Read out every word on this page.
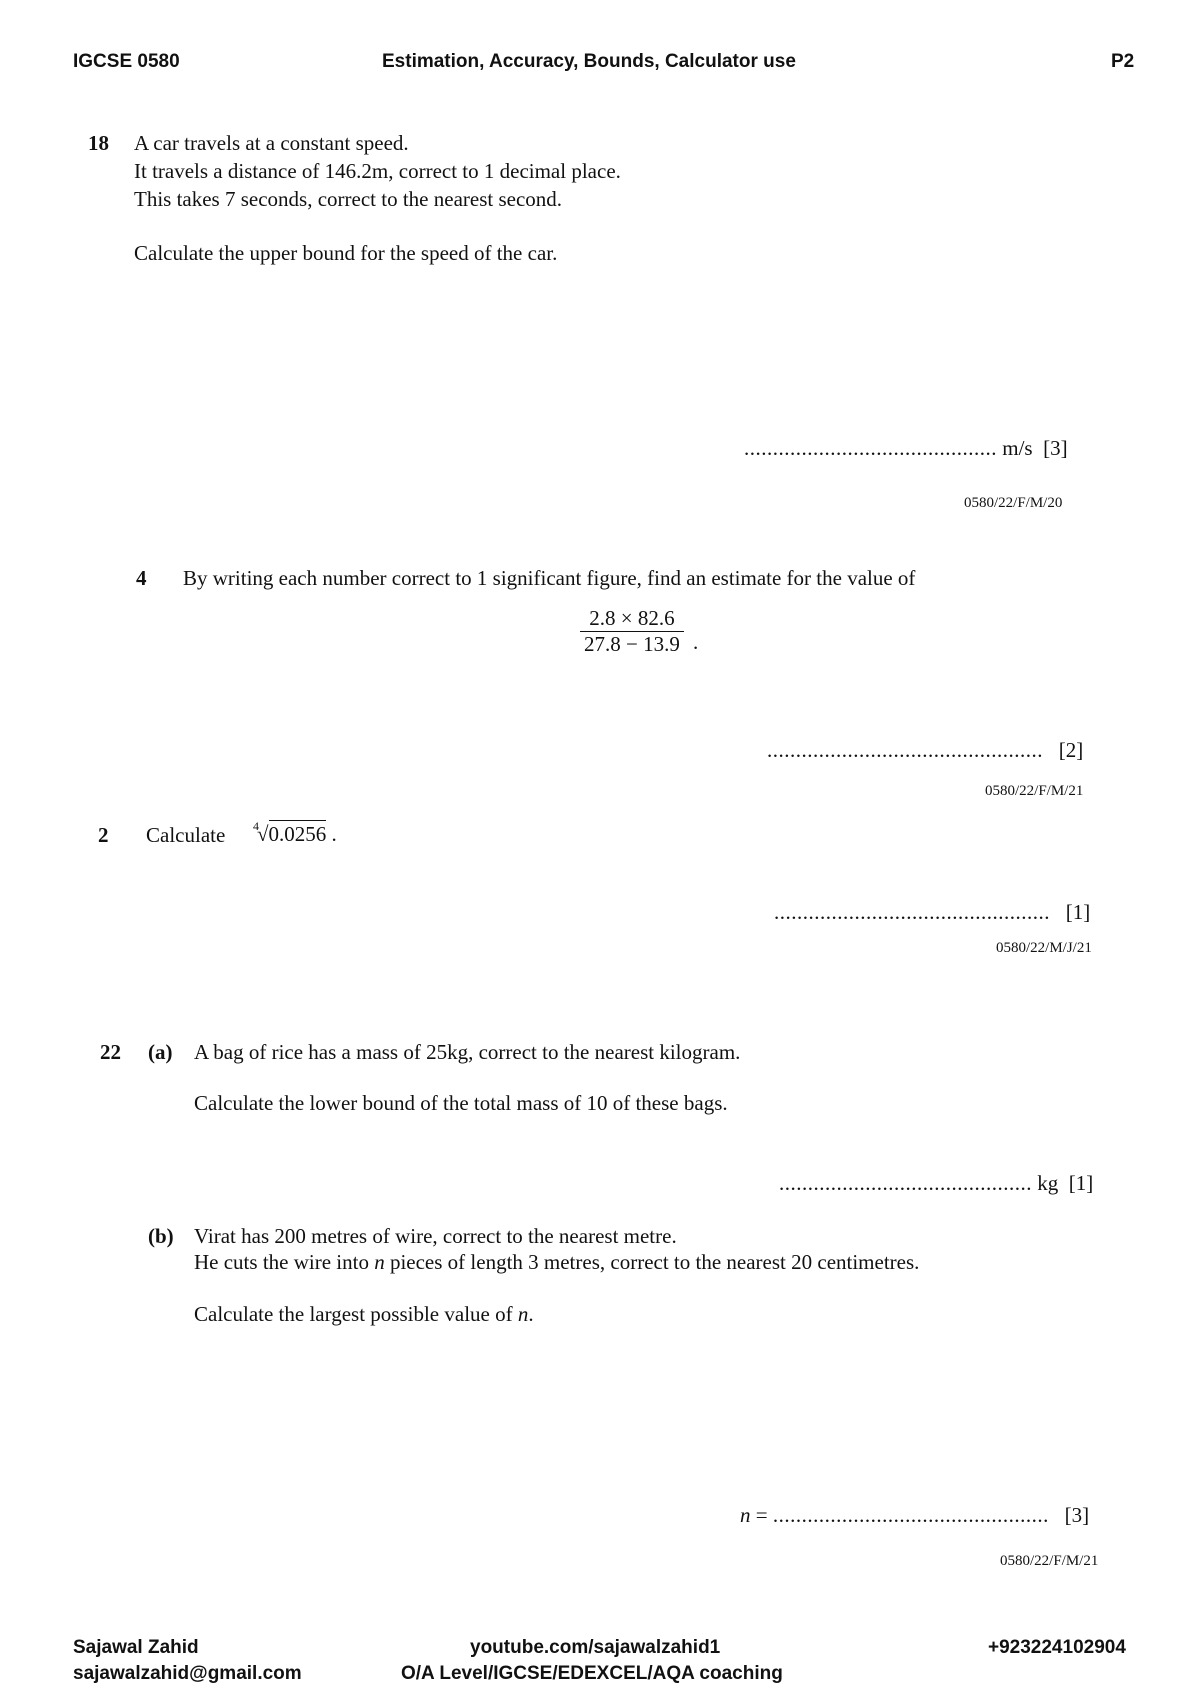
IGCSE 0580	Estimation, Accuracy, Bounds, Calculator use	P2
18 A car travels at a constant speed.
It travels a distance of 146.2m, correct to 1 decimal place.
This takes 7 seconds, correct to the nearest second.
Calculate the upper bound for the speed of the car.
............................................ m/s [3]
0580/22/F/M/20
4 By writing each number correct to 1 significant figure, find an estimate for the value of
2.8 × 82.6
27.8 − 13.9 .
................................................ [2]
0580/22/F/M/21
2 Calculate $^4$√0.0256 .
................................................ [1]
0580/22/M/J/21
22 (a) A bag of rice has a mass of 25kg, correct to the nearest kilogram.
Calculate the lower bound of the total mass of 10 of these bags.
............................................ kg [1]
(b) Virat has 200 metres of wire, correct to the nearest metre.
He cuts the wire into n pieces of length 3 metres, correct to the nearest 20 centimetres.
Calculate the largest possible value of n.
n = ................................................ [3]
0580/22/F/M/21
Sajawal Zahid
sajawalzahid@gmail.com
youtube.com/sajawalzahid1
O/A Level/IGCSE/EDEXCEL/AQA coaching
+923224102904
